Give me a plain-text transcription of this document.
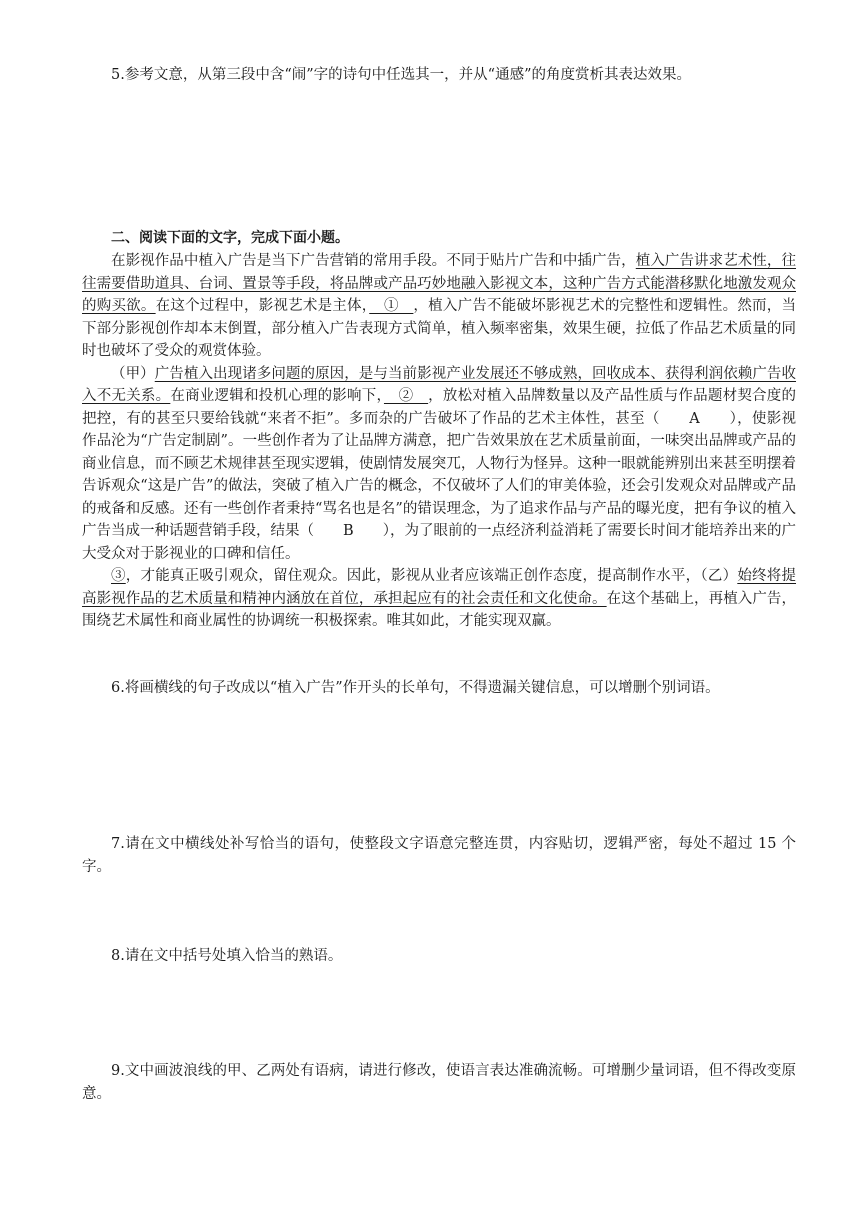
5.参考文意，从第三段中含“闹”字的诗句中任选其一，并从“通感”的角度赏析其表达效果。

二、阅读下面的文字，完成下面小题。

在影视作品中植入广告是当下广告营销的常用手段。不同于贴片广告和中插广告，植入广告讲求艺术性，往往需要借助道具、台词、置景等手段，将品牌或产品巧妙地融入影视文本，这种广告方式能潜移默化地激发观众的购买欲。在这个过程中，影视艺术是主体，　①　，植入广告不能破坏影视艺术的完整性和逻辑性。然而，当下部分影视创作却本末倒置，部分植入广告表现方式简单，植入频率密集，效果生硬，拉低了作品艺术质量的同时也破坏了受众的观赏体验。

（甲）广告植入出现诸多问题的原因，是与当前影视产业发展还不够成熟，回收成本、获得利润依赖广告收入不无关系。在商业逻辑和投机心理的影响下，　②　，放松对植入品牌数量以及产品性质与作品题材契合度的把控，有的甚至只要给钱就“来者不拒”。多而杂的广告破坏了作品的艺术主体性，甚至（　　A　　），使影视作品沦为“广告定制剧”。一些创作者为了让品牌方满意，把广告效果放在艺术质量前面，一味突出品牌或产品的商业信息，而不顾艺术规律甚至现实逻辑，使剧情发展突兀，人物行为怪异。这种一眼就能辨别出来甚至明摆着告诉观众“这是广告”的做法，突破了植入广告的概念，不仅破坏了人们的审美体验，还会引发观众对品牌或产品的戒备和反感。还有一些创作者秉持“骂名也是名”的错误理念，为了追求作品与产品的曝光度，把有争议的植入广告当成一种话题营销手段，结果（　　B　　），为了眼前的一点经济利益消耗了需要长时间才能培养出来的广大受众对于影视业的口碑和信任。

③，才能真正吸引观众，留住观众。因此，影视从业者应该端正创作态度，提高制作水平，（乙）始终将提高影视作品的艺术质量和精神内涵放在首位，承担起应有的社会责任和文化使命。在这个基础上，再植入广告，围绕艺术属性和商业属性的协调统一积极探索。唯其如此，才能实现双赢。

6.将画横线的句子改成以“植入广告”作开头的长单句，不得遗漏关键信息，可以增删个别词语。

7.请在文中横线处补写恰当的语句，使整段文字语意完整连贯，内容贴切，逻辑严密，每处不超过 15 个字。

8.请在文中括号处填入恰当的熟语。

9.文中画波浪线的甲、乙两处有语病，请进行修改，使语言表达准确流畅。可增删少量词语，但不得改变原意。
